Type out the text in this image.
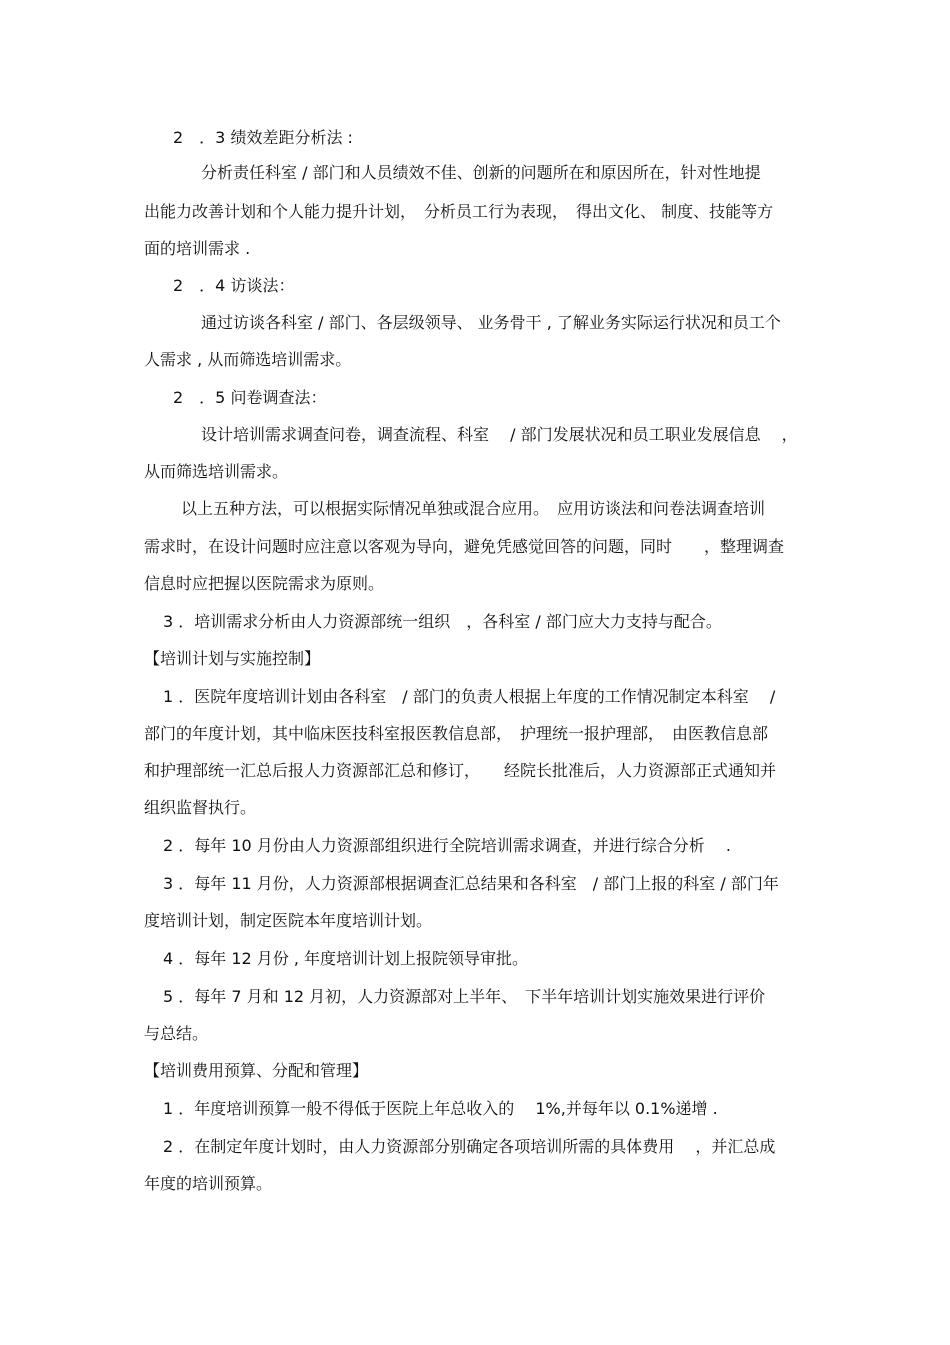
2　．3 绩效差距分析法 :
分析责任科室 / 部门和人员绩效不佳、创新的问题所在和原因所在，针对性地提
出能力改善计划和个人能力提升计划，　分析员工行为表现，　得出文化、 制度、技能等方
面的培训需求 .
2　．4 访谈法：
通过访谈各科室 / 部门、各层级领导、 业务骨干 , 了解业务实际运行状况和员工个
人需求 , 从而筛选培训需求。
2　．5 问卷调查法：
设计培训需求调查问卷，调查流程、科室　 / 部门发展状况和员工职业发展信息　 ，
从而筛选培训需求。
以上五种方法，可以根据实际情况单独或混合应用。　应用访谈法和问卷法调查培训
需求时，在设计问题时应注意以客观为导向，避免凭感觉回答的问题，同时　　，整理调查
信息时应把握以医院需求为原则。
3 ．培训需求分析由人力资源部统一组织　，各科室 / 部门应大力支持与配合。
【培训计划与实施控制】
1 ．医院年度培训计划由各科室　/ 部门的负责人根据上年度的工作情况制定本科室　 /
部门的年度计划，其中临床医技科室报医教信息部，　护理统一报护理部，　由医教信息部
和护理部统一汇总后报人力资源部汇总和修订，　　经院长批准后，人力资源部正式通知并
组织监督执行。
2 ．每年 10 月份由人力资源部组织进行全院培训需求调查，并进行综合分析　 .
3 ．每年 11 月份，人力资源部根据调查汇总结果和各科室　/ 部门上报的科室 / 部门年
度培训计划，制定医院本年度培训计划。
4 ．每年 12 月份 , 年度培训计划上报院领导审批。
5 ．每年 7 月和 12 月初，人力资源部对上半年、　下半年培训计划实施效果进行评价
与总结。
【培训费用预算、分配和管理】
1 ．年度培训预算一般不得低于医院上年总收入的　 1%,并每年以 0.1%递增 .
2 ．在制定年度计划时，由人力资源部分别确定各项培训所需的具体费用　 ，并汇总成
年度的培训预算。
